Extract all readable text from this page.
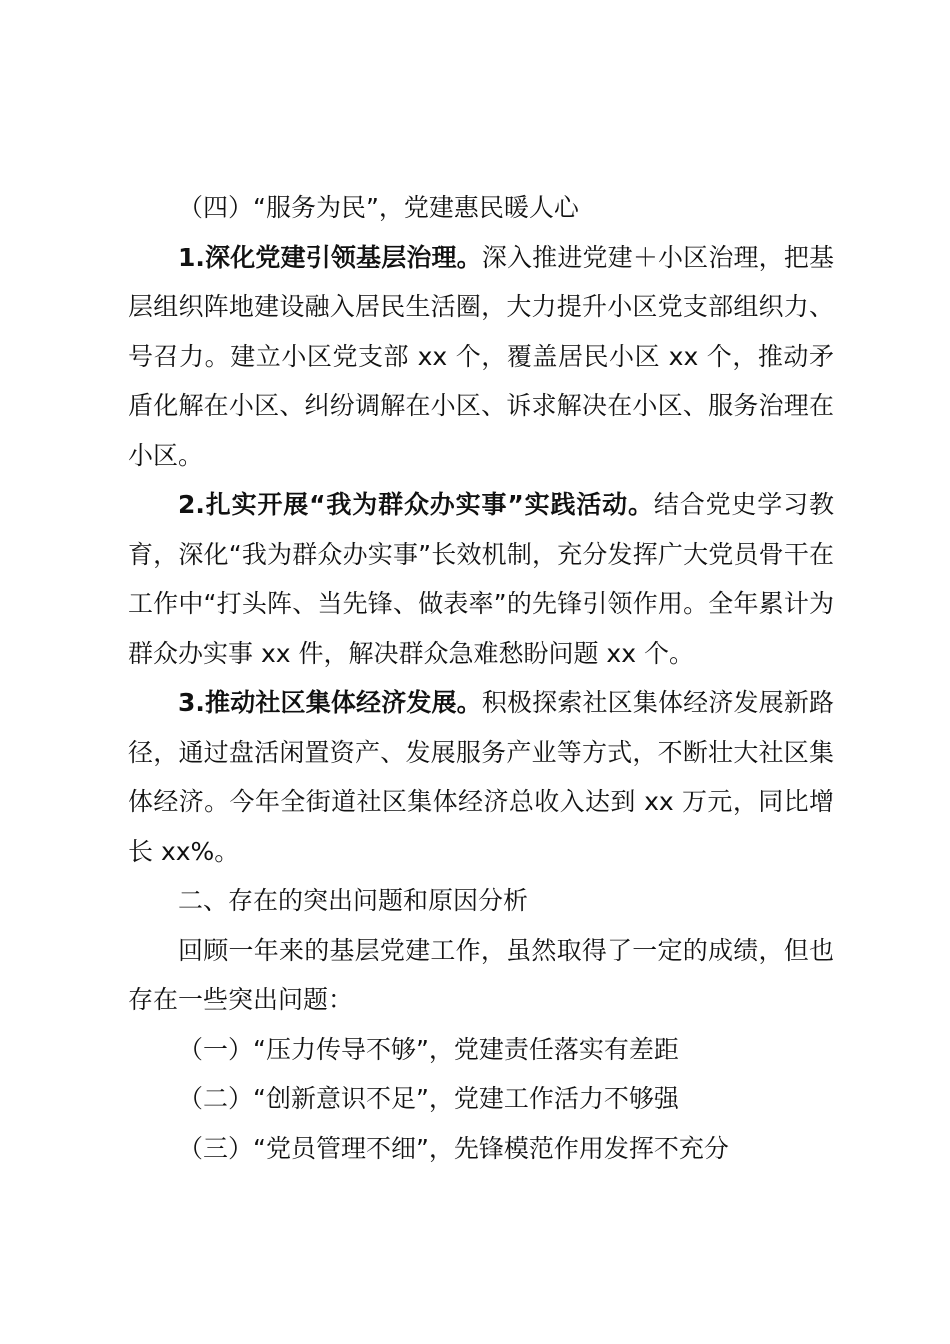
（四）“服务为民”，党建惠民暖人心

1.深化党建引领基层治理。深入推进党建＋小区治理，把基层组织阵地建设融入居民生活圈，大力提升小区党支部组织力、号召力。建立小区党支部 xx 个，覆盖居民小区 xx 个，推动矛盾化解在小区、纠纷调解在小区、诉求解决在小区、服务治理在小区。

2.扎实开展“我为群众办实事”实践活动。结合党史学习教育，深化“我为群众办实事”长效机制，充分发挥广大党员骨干在工作中“打头阵、当先锋、做表率”的先锋引领作用。全年累计为群众办实事 xx 件，解决群众急难愁盼问题 xx 个。

3.推动社区集体经济发展。积极探索社区集体经济发展新路径，通过盘活闲置资产、发展服务产业等方式，不断壮大社区集体经济。今年全街道社区集体经济总收入达到 xx 万元，同比增长 xx%。

二、存在的突出问题和原因分析

回顾一年来的基层党建工作，虽然取得了一定的成绩，但也存在一些突出问题：

（一）“压力传导不够”，党建责任落实有差距

（二）“创新意识不足”，党建工作活力不够强

（三）“党员管理不细”，先锋模范作用发挥不充分
